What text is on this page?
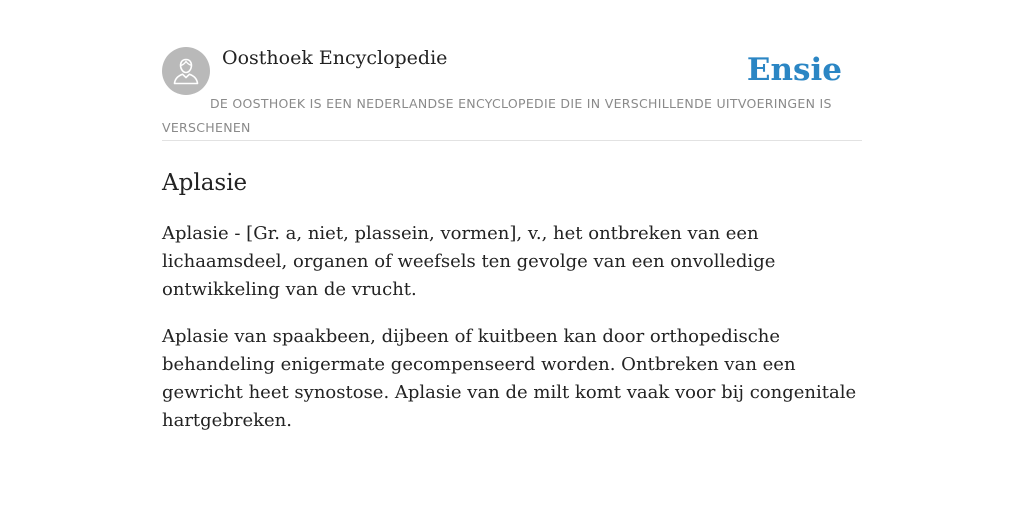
Oosthoek Encyclopedie	Ensie
DE OOSTHOEK IS EEN NEDERLANDSE ENCYCLOPEDIE DIE IN VERSCHILLENDE UITVOERINGEN IS VERSCHENEN
Aplasie

Aplasie - [Gr. a, niet, plassein, vormen], v., het ontbreken van een lichaamsdeel, organen of weefsels ten gevolge van een onvolledige ontwikkeling van de vrucht.

Aplasie van spaakbeen, dijbeen of kuitbeen kan door orthopedische behandeling enigermate gecompenseerd worden. Ontbreken van een gewricht heet synostose. Aplasie van de milt komt vaak voor bij congenitale hartgebreken.
